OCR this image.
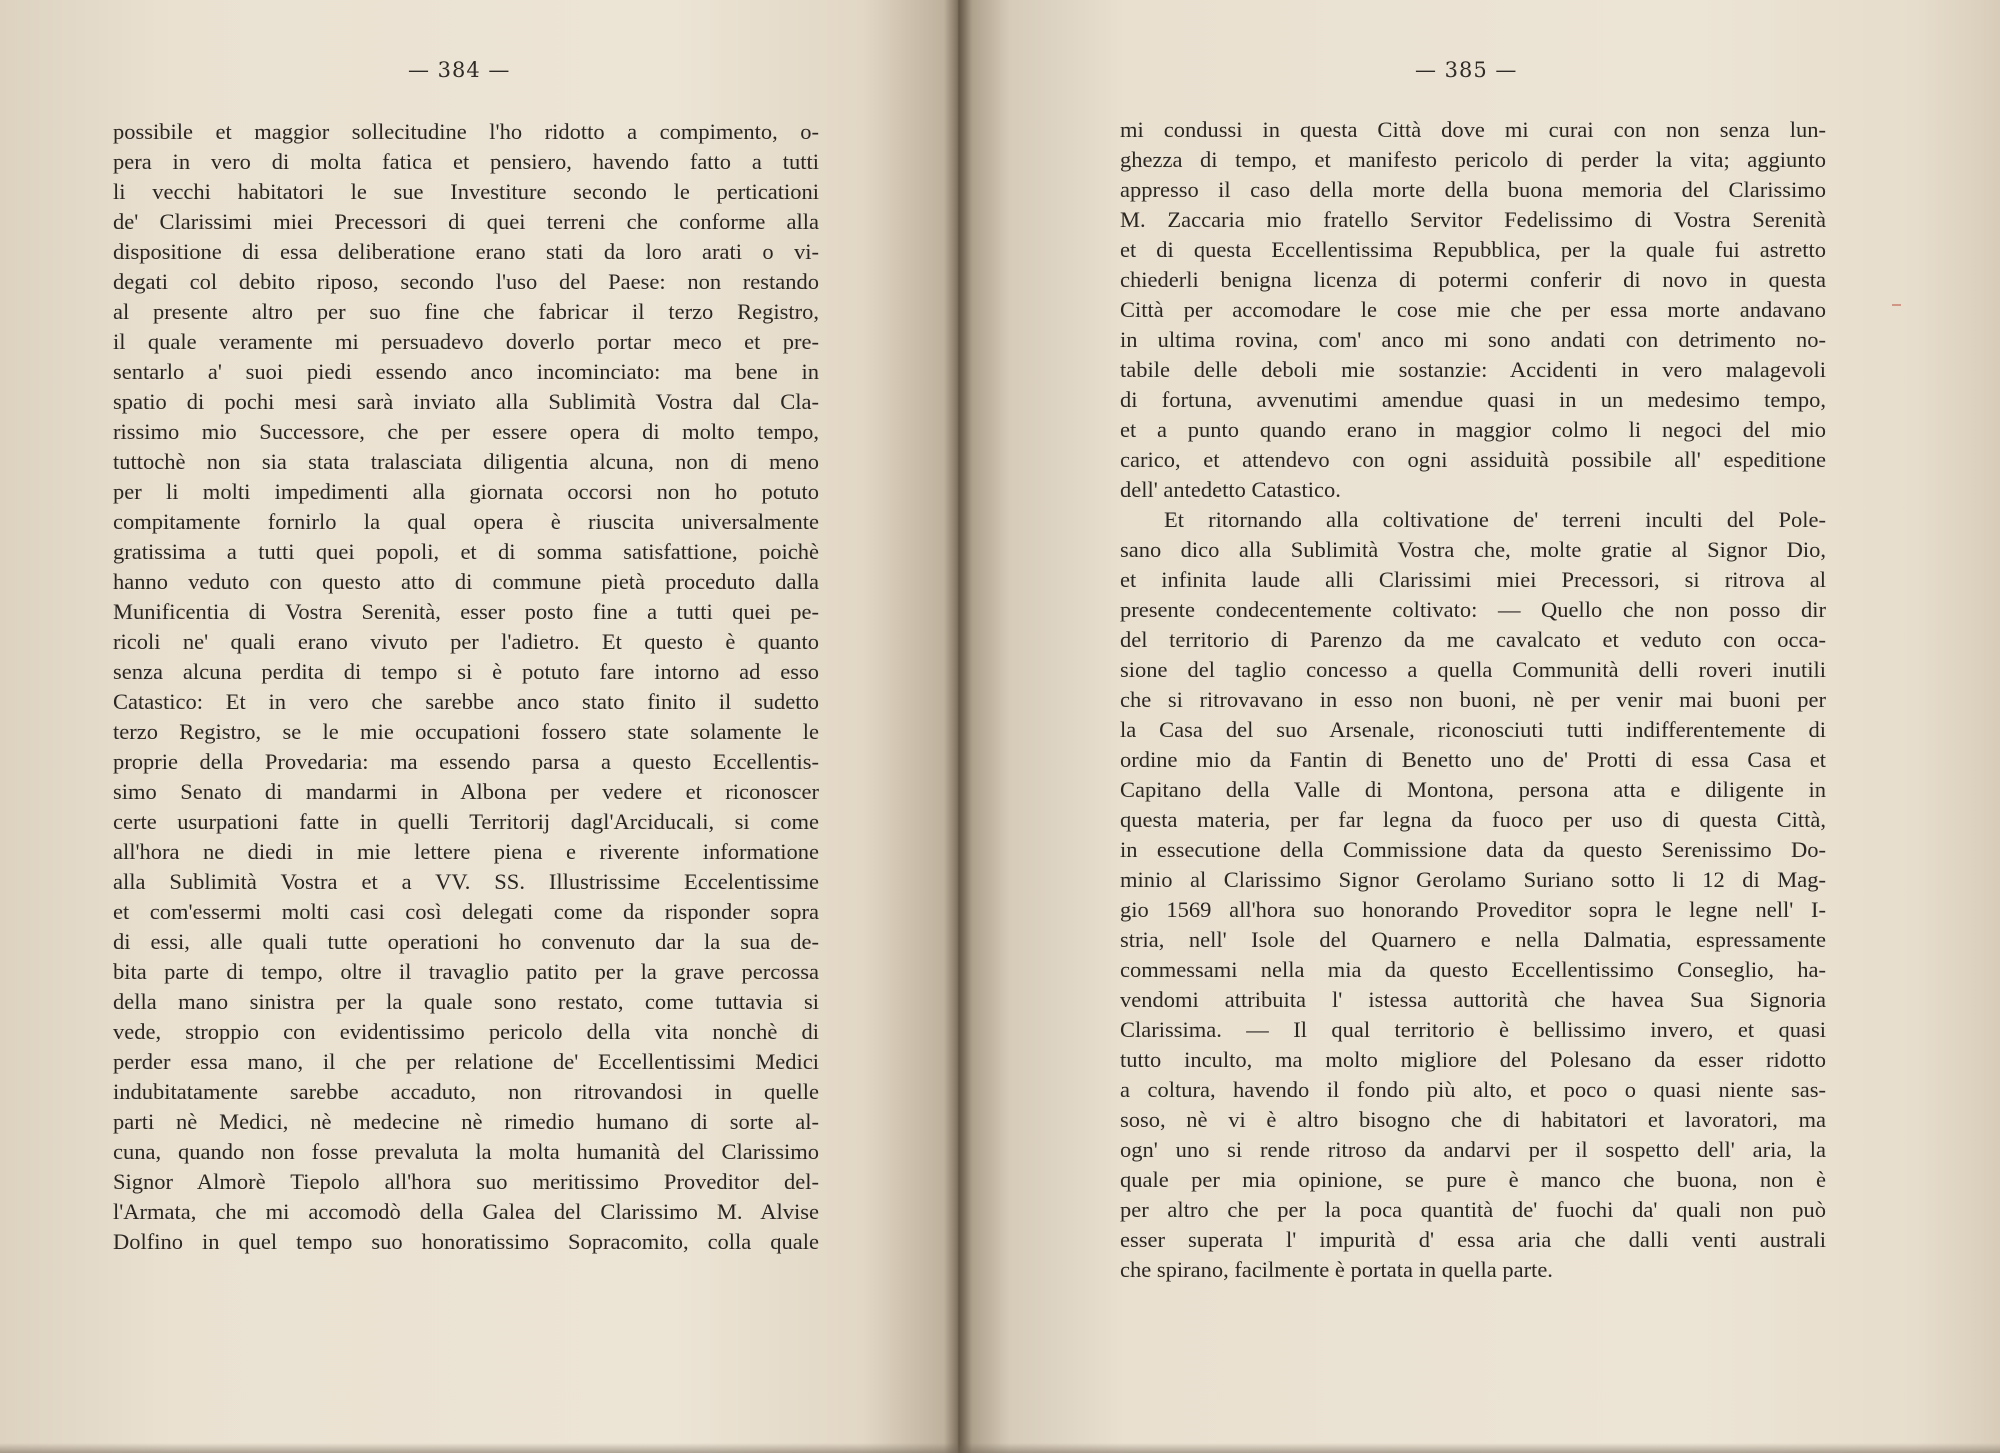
— 384 —
possibile et maggior sollecitudine l'ho ridotto a compimento, o-
pera in vero di molta fatica et pensiero, havendo fatto a tutti
li vecchi habitatori le sue Investiture secondo le perticationi
de' Clarissimi miei Precessori di quei terreni che conforme alla
dispositione di essa deliberatione erano stati da loro arati o vi-
degati col debito riposo, secondo l'uso del Paese: non restando
al presente altro per suo fine che fabricar il terzo Registro,
il quale veramente mi persuadevo doverlo portar meco et pre-
sentarlo a' suoi piedi essendo anco incominciato: ma bene in
spatio di pochi mesi sarà inviato alla Sublimità Vostra dal Cla-
rissimo mio Successore, che per essere opera di molto tempo,
tuttochè non sia stata tralasciata diligentia alcuna, non di meno
per li molti impedimenti alla giornata occorsi non ho potuto
compitamente fornirlo la qual opera è riuscita universalmente
gratissima a tutti quei popoli, et di somma satisfattione, poichè
hanno veduto con questo atto di commune pietà proceduto dalla
Munificentia di Vostra Serenità, esser posto fine a tutti quei pe-
ricoli ne' quali erano vivuto per l'adietro. Et questo è quanto
senza alcuna perdita di tempo si è potuto fare intorno ad esso
Catastico: Et in vero che sarebbe anco stato finito il sudetto
terzo Registro, se le mie occupationi fossero state solamente le
proprie della Provedaria: ma essendo parsa a questo Eccellentis-
simo Senato di mandarmi in Albona per vedere et riconoscer
certe usurpationi fatte in quelli Territorij dagl'Arciducali, si come
all'hora ne diedi in mie lettere piena e riverente informatione
alla Sublimità Vostra et a VV. SS. Illustrissime Eccelentissime
et com'essermi molti casi così delegati come da risponder sopra
di essi, alle quali tutte operationi ho convenuto dar la sua de-
bita parte di tempo, oltre il travaglio patito per la grave percossa
della mano sinistra per la quale sono restato, come tuttavia si
vede, stroppio con evidentissimo pericolo della vita nonchè di
perder essa mano, il che per relatione de' Eccellentissimi Medici
indubitatamente sarebbe accaduto, non ritrovandosi in quelle
parti nè Medici, nè medecine nè rimedio humano di sorte al-
cuna, quando non fosse prevaluta la molta humanità del Clarissimo
Signor Almorè Tiepolo all'hora suo meritissimo Proveditor del-
l'Armata, che mi accomodò della Galea del Clarissimo M. Alvise
Dolfino in quel tempo suo honoratissimo Sopracomito, colla quale
— 385 —
mi condussi in questa Città dove mi curai con non senza lun-
ghezza di tempo, et manifesto pericolo di perder la vita; aggiunto
appresso il caso della morte della buona memoria del Clarissimo
M. Zaccaria mio fratello Servitor Fedelissimo di Vostra Serenità
et di questa Eccellentissima Repubblica, per la quale fui astretto
chiederli benigna licenza di potermi conferir di novo in questa
Città per accomodare le cose mie che per essa morte andavano
in ultima rovina, com' anco mi sono andati con detrimento no-
tabile delle deboli mie sostanzie: Accidenti in vero malagevoli
di fortuna, avvenutimi amendue quasi in un medesimo tempo,
et a punto quando erano in maggior colmo li negoci del mio
carico, et attendevo con ogni assiduità possibile all' espeditione
dell' antedetto Catastico.
Et ritornando alla coltivatione de' terreni inculti del Pole-
sano dico alla Sublimità Vostra che, molte gratie al Signor Dio,
et infinita laude alli Clarissimi miei Precessori, si ritrova al
presente condecentemente coltivato: — Quello che non posso dir
del territorio di Parenzo da me cavalcato et veduto con occa-
sione del taglio concesso a quella Communità delli roveri inutili
che si ritrovavano in esso non buoni, nè per venir mai buoni per
la Casa del suo Arsenale, riconosciuti tutti indifferentemente di
ordine mio da Fantin di Benetto uno de' Protti di essa Casa et
Capitano della Valle di Montona, persona atta e diligente in
questa materia, per far legna da fuoco per uso di questa Città,
in essecutione della Commissione data da questo Serenissimo Do-
minio al Clarissimo Signor Gerolamo Suriano sotto li 12 di Mag-
gio 1569 all'hora suo honorando Proveditor sopra le legne nell' I-
stria, nell' Isole del Quarnero e nella Dalmatia, espressamente
commessami nella mia da questo Eccellentissimo Conseglio, ha-
vendomi attribuita l' istessa auttorità che havea Sua Signoria
Clarissima. — Il qual territorio è bellissimo invero, et quasi
tutto inculto, ma molto migliore del Polesano da esser ridotto
a coltura, havendo il fondo più alto, et poco o quasi niente sas-
soso, nè vi è altro bisogno che di habitatori et lavoratori, ma
ogn' uno si rende ritroso da andarvi per il sospetto dell' aria, la
quale per mia opinione, se pure è manco che buona, non è
per altro che per la poca quantità de' fuochi da' quali non può
esser superata l' impurità d' essa aria che dalli venti australi
che spirano, facilmente è portata in quella parte.
